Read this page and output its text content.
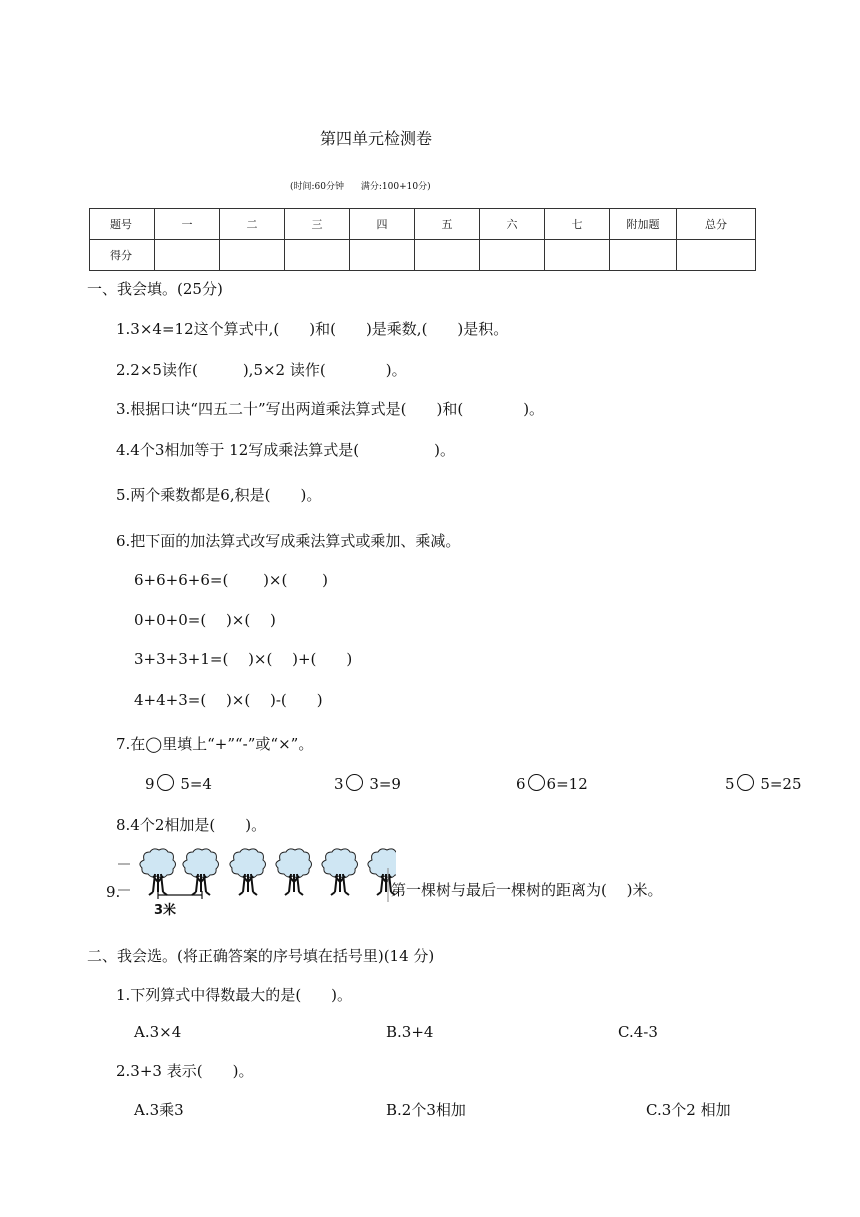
第四单元检测卷
(时间:60分钟 满分:100+10分)
题号	一	二	三	四	五	六	七	附加题	总分
得分									
一、我会填。(25分)
1.3×4=12这个算式中,(　　)和(　　)是乘数,(　　)是积。
2.2×5读作(　　　),5×2 读作(　　　　)。
3.根据口诀“四五二十”写出两道乘法算式是(　　)和(　　　　)。
4.4个3相加等于 12写成乘法算式是(　　　　　)。
5.两个乘数都是6,积是(　　)。
6.把下面的加法算式改写成乘法算式或乘加、乘减。
6+6+6+6=(　　 )×(　　 )
0+0+0=(　 )×(　 )
3+3+3+1=(　 )×(　 )+(　　)
4+4+3=(　 )×(　 )-(　　)
7.在◯里填上“+”“-”或“×”。
9 5=4	3 3=9	6 6=12	5 5=25
8.4个2相加是(　　)。
9.
3米
第一棵树与最后一棵树的距离为(　 )米。
二、我会选。(将正确答案的序号填在括号里)(14 分)
1.下列算式中得数最大的是(　　)。
A.3×4	B.3+4	C.4-3
2.3+3 表示(　　)。
A.3乘3	B.2个3相加	C.3个2 相加
